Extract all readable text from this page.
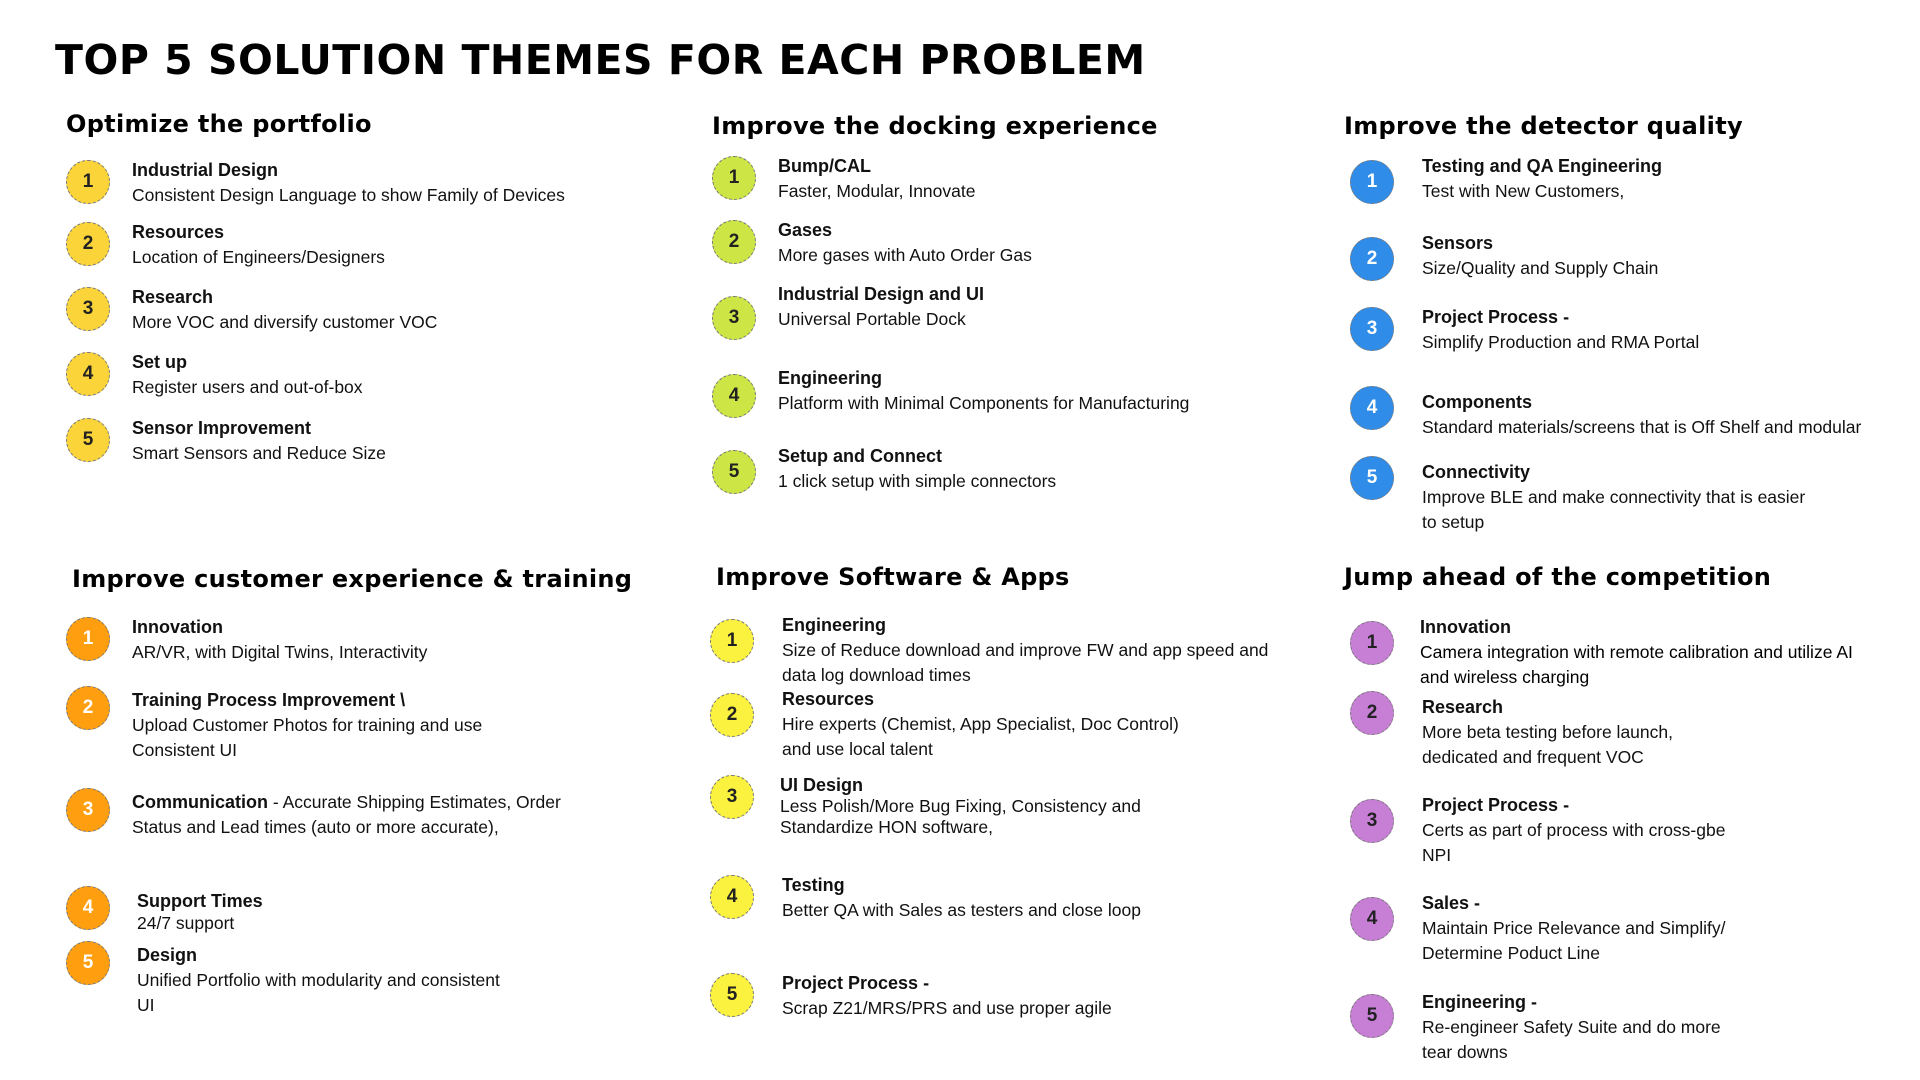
TOP 5 SOLUTION THEMES FOR EACH PROBLEM
Optimize the portfolio
1
Industrial Design
Consistent Design Language to show Family of Devices
2
Resources
Location of Engineers/Designers
3
Research
More VOC and diversify customer VOC
4
Set up
Register users and out-of-box
5
Sensor Improvement
Smart Sensors and Reduce Size
Improve the docking experience
1
Bump/CAL
Faster, Modular, Innovate
2
Gases
More gases with Auto Order Gas
3
Industrial Design and UI
Universal Portable Dock
4
Engineering
Platform with Minimal Components for Manufacturing
5
Setup and Connect
1 click setup with simple connectors
Improve the detector quality
1
Testing and QA Engineering
Test with New Customers,
2
Sensors
Size/Quality and Supply Chain
3
Project Process -
Simplify Production and RMA Portal
4	Components
Standard materials/screens that is Off Shelf and modular
5	Connectivity
Improve BLE and make connectivity that is easier
to setup
Improve customer experience & training
1
Innovation
AR/VR, with Digital Twins, Interactivity
2	Training Process Improvement \
Upload Customer Photos for training and use
Consistent UI
3	Communication - Accurate Shipping Estimates, Order
Status and Lead times (auto or more accurate),
4	Support Times
24/7 support
5	Design
Unified Portfolio with modularity and consistent
UI
Improve Software & Apps
1
Engineering
Size of Reduce download and improve FW and app speed and
data log download times
2
Resources
Hire experts (Chemist, App Specialist, Doc Control)
and use local talent
3
UI Design
Less Polish/More Bug Fixing, Consistency and
Standardize HON software,
4
Testing
Better QA with Sales as testers and close loop
5
Project Process -
Scrap Z21/MRS/PRS and use proper agile
Jump ahead of the competition
1
Innovation
Camera integration with remote calibration and utilize AI
and wireless charging
2	Research
More beta testing before launch,
dedicated and frequent VOC
3
Project Process -
Certs as part of process with cross-gbe
NPI
4
Sales -
Maintain Price Relevance and Simplify/
Determine Poduct Line
5
Engineering -
Re-engineer Safety Suite and do more
tear downs
